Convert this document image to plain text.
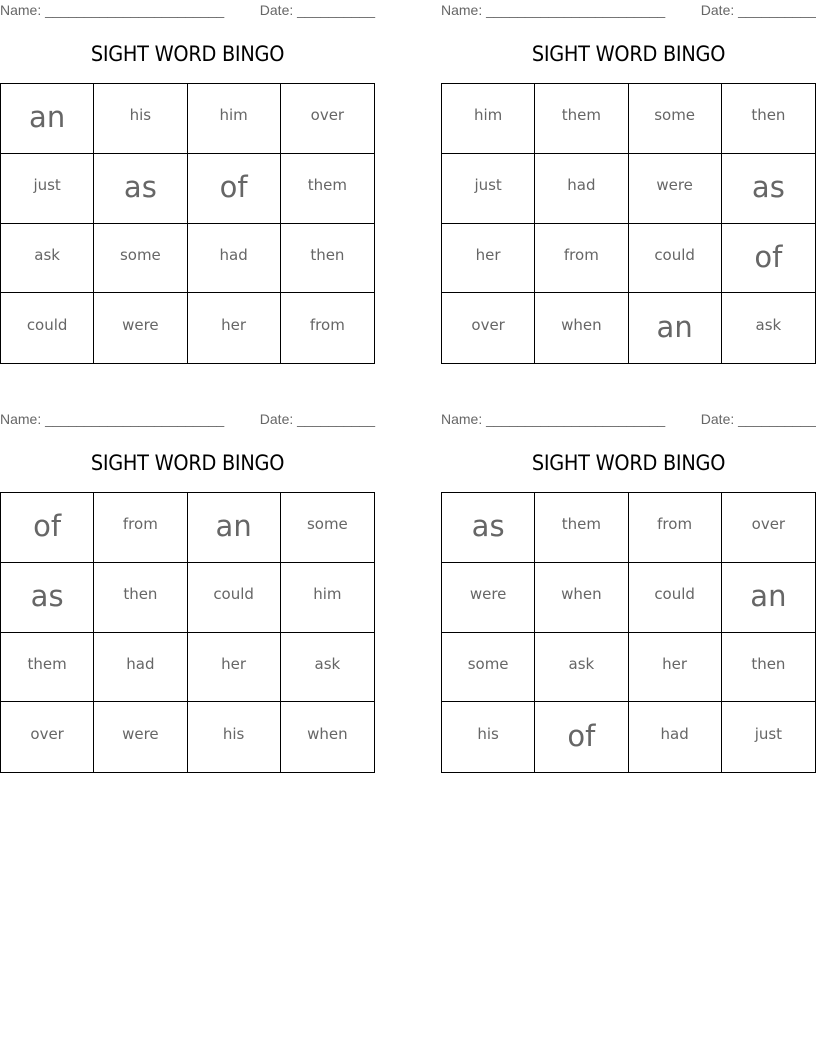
Name: _______________________	Date: __________
SIGHT WORD BINGO
an	his	him	over
just	as	of	them
ask	some	had	then
could	were	her	from
Name: _______________________	Date: __________
SIGHT WORD BINGO
him	them	some	then
just	had	were	as
her	from	could	of
over	when	an	ask
Name: _______________________	Date: __________
SIGHT WORD BINGO
of	from	an	some
as	then	could	him
them	had	her	ask
over	were	his	when
Name: _______________________	Date: __________
SIGHT WORD BINGO
as	them	from	over
were	when	could	an
some	ask	her	then
his	of	had	just
